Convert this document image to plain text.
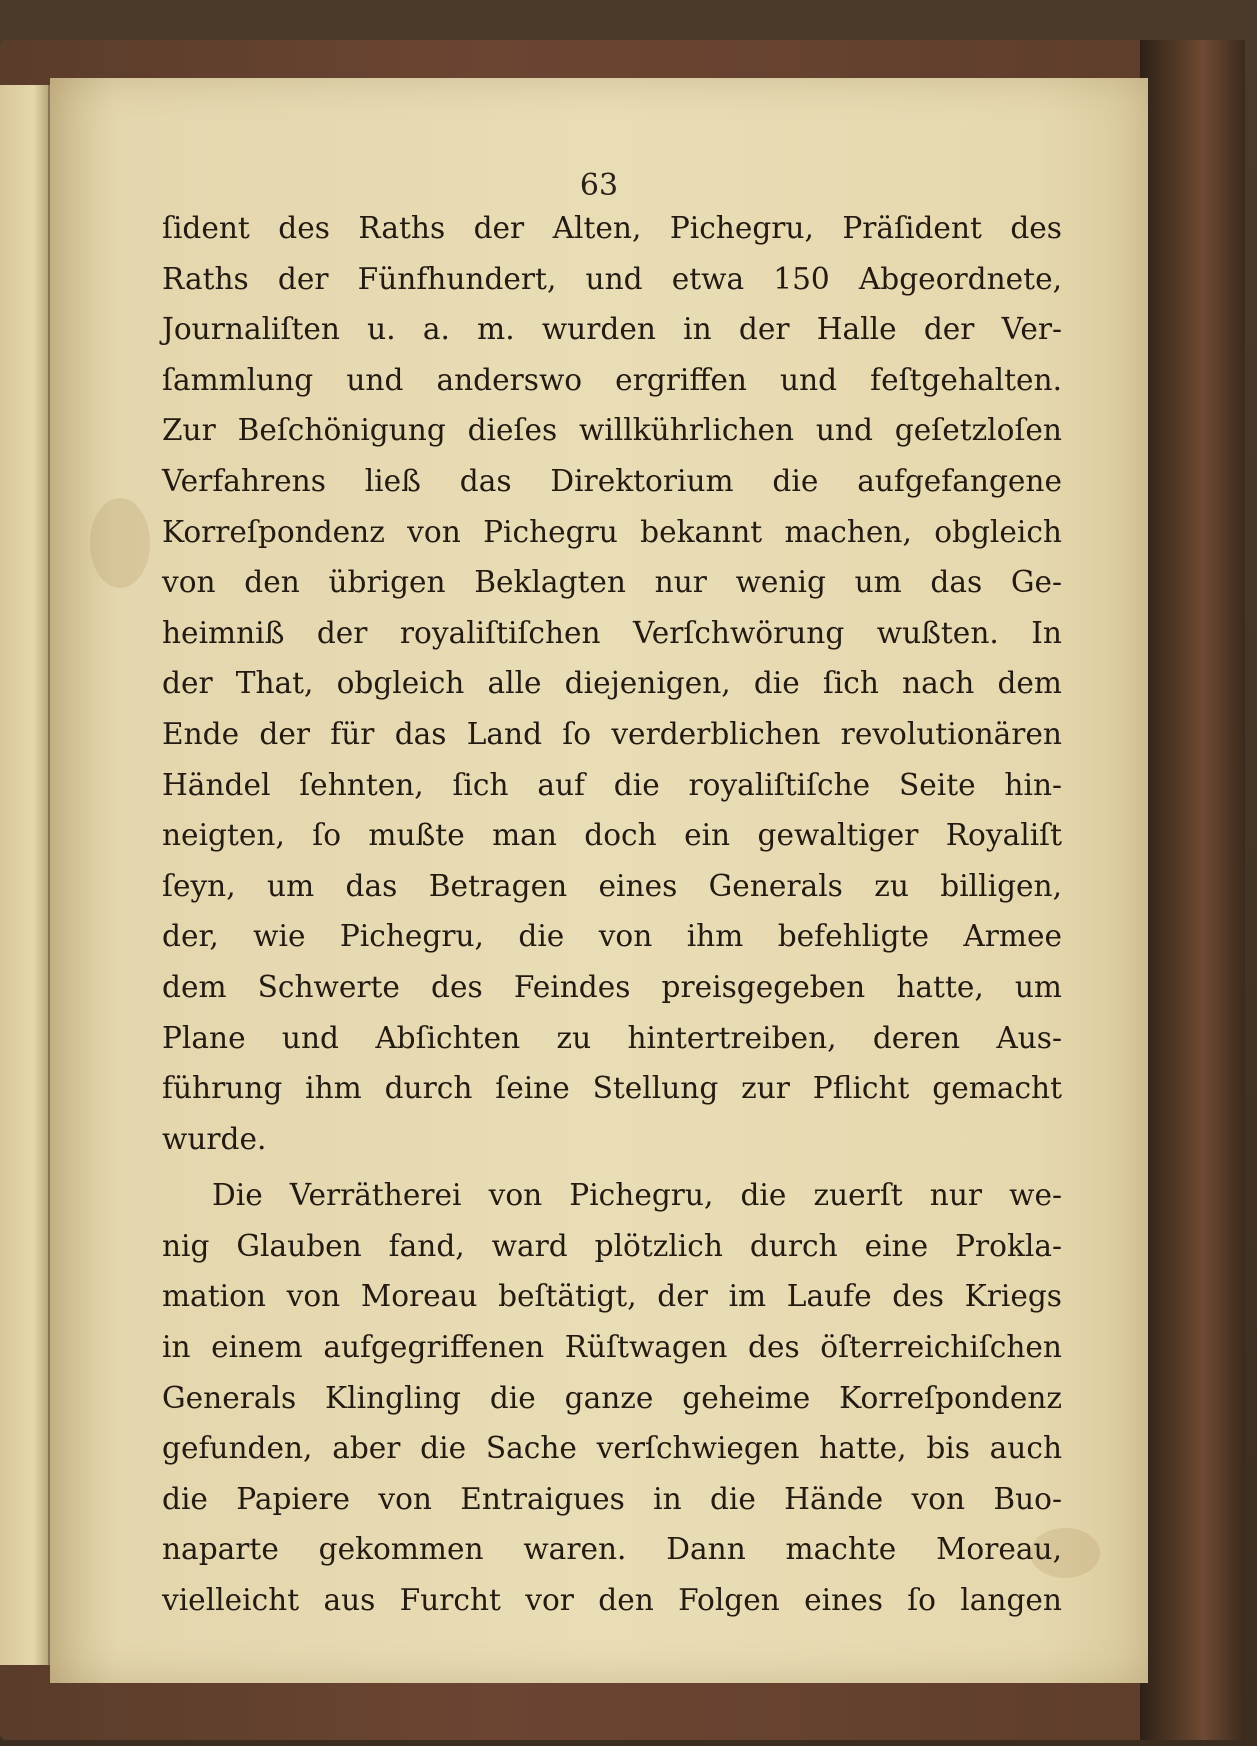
63
ſident des Raths der Alten, Pichegru, Präſident des
Raths der Fünfhundert, und etwa 150 Abgeordnete,
Journaliſten u. a. m. wurden in der Halle der Ver-
ſammlung und anderswo ergriffen und feſtgehalten.
Zur Beſchönigung dieſes willkührlichen und geſetzloſen
Verfahrens ließ das Direktorium die aufgefangene
Korreſpondenz von Pichegru bekannt machen, obgleich
von den übrigen Beklagten nur wenig um das Ge-
heimniß der royaliſtiſchen Verſchwörung wußten. In
der That, obgleich alle diejenigen, die ſich nach dem
Ende der für das Land ſo verderblichen revolutionären
Händel ſehnten, ſich auf die royaliſtiſche Seite hin-
neigten, ſo mußte man doch ein gewaltiger Royaliſt
ſeyn, um das Betragen eines Generals zu billigen,
der, wie Pichegru, die von ihm befehligte Armee
dem Schwerte des Feindes preisgegeben hatte, um
Plane und Abſichten zu hintertreiben, deren Aus-
führung ihm durch ſeine Stellung zur Pflicht gemacht
wurde.
Die Verrätherei von Pichegru, die zuerſt nur we-
nig Glauben fand, ward plötzlich durch eine Prokla-
mation von Moreau beſtätigt, der im Laufe des Kriegs
in einem aufgegriffenen Rüſtwagen des öſterreichiſchen
Generals Klingling die ganze geheime Korreſpondenz
gefunden, aber die Sache verſchwiegen hatte, bis auch
die Papiere von Entraigues in die Hände von Buo-
naparte gekommen waren. Dann machte Moreau,
vielleicht aus Furcht vor den Folgen eines ſo langen
